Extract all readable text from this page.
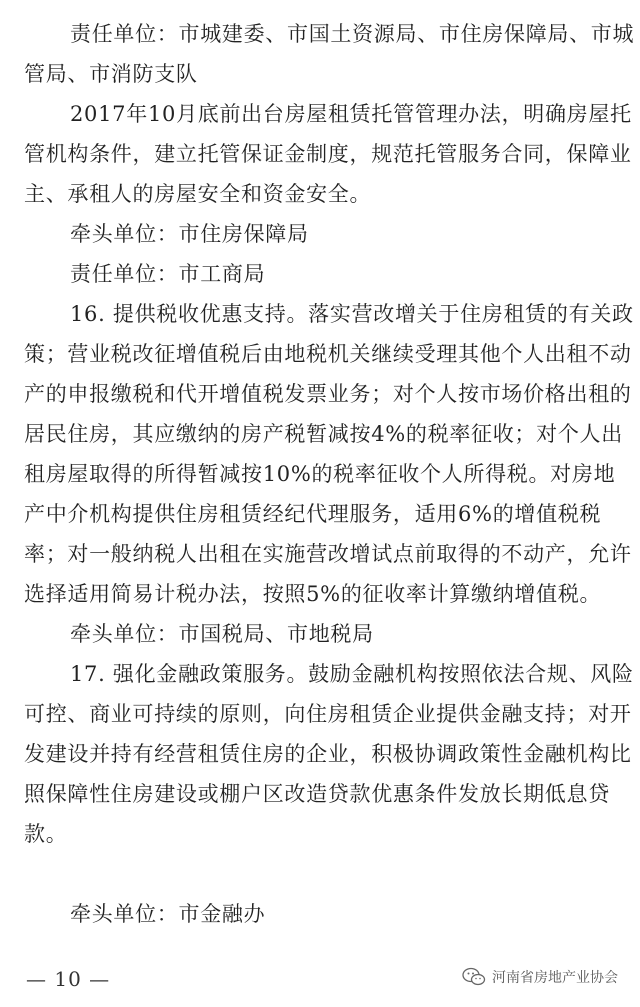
责任单位：市城建委、市国土资源局、市住房保障局、市城
管局、市消防支队
2017年10月底前出台房屋租赁托管管理办法，明确房屋托
管机构条件，建立托管保证金制度，规范托管服务合同，保障业
主、承租人的房屋安全和资金安全。
牵头单位：市住房保障局
责任单位：市工商局
16. 提供税收优惠支持。落实营改增关于住房租赁的有关政
策；营业税改征增值税后由地税机关继续受理其他个人出租不动
产的申报缴税和代开增值税发票业务；对个人按市场价格出租的
居民住房，其应缴纳的房产税暂减按4%的税率征收；对个人出
租房屋取得的所得暂减按10%的税率征收个人所得税。对房地
产中介机构提供住房租赁经纪代理服务，适用6%的增值税税
率；对一般纳税人出租在实施营改增试点前取得的不动产，允许
选择适用简易计税办法，按照5%的征收率计算缴纳增值税。
牵头单位：市国税局、市地税局
17. 强化金融政策服务。鼓励金融机构按照依法合规、风险
可控、商业可持续的原则，向住房租赁企业提供金融支持；对开
发建设并持有经营租赁住房的企业，积极协调政策性金融机构比
照保障性住房建设或棚户区改造贷款优惠条件发放长期低息贷
款。
牵头单位：市金融办
— 10 —	河南省房地产业协会
